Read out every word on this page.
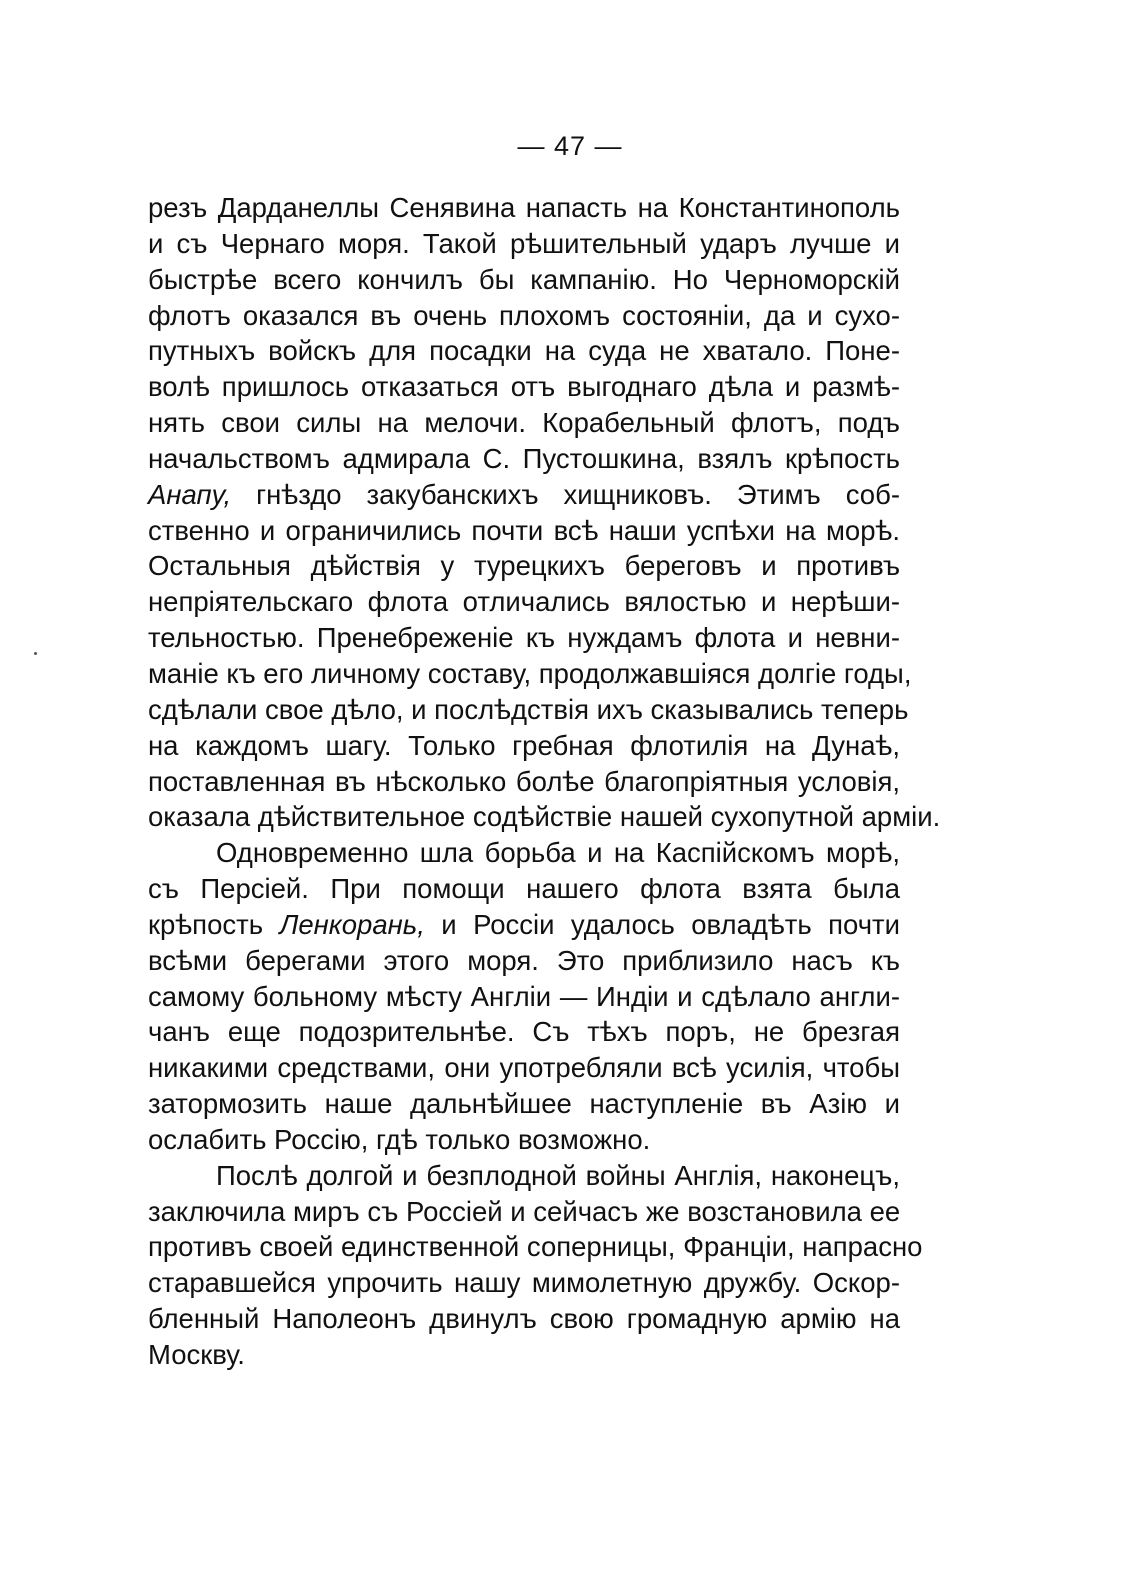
— 47 —
резъ Дарданеллы Сенявина напасть на Константинополь
и съ Чернаго моря. Такой рѣшительный ударъ лучше и
быстрѣе всего кончилъ бы кампанію. Но Черноморскій
флотъ оказался въ очень плохомъ состояніи, да и сухо-
путныхъ войскъ для посадки на суда не хватало. Поне-
волѣ пришлось отказаться отъ выгоднаго дѣла и размѣ-
нять свои силы на мелочи. Корабельный флотъ, подъ
начальствомъ адмирала С. Пустошкина, взялъ крѣпость
Анапу, гнѣздо закубанскихъ хищниковъ. Этимъ соб-
ственно и ограничились почти всѣ наши успѣхи на морѣ.
Остальныя дѣйствія у турецкихъ береговъ и противъ
непріятельскаго флота отличались вялостью и нерѣши-
тельностью. Пренебреженіе къ нуждамъ флота и невни-
маніе къ его личному составу, продолжавшіяся долгіе годы,
сдѣлали свое дѣло, и послѣдствія ихъ сказывались теперь
на каждомъ шагу. Только гребная флотилія на Дунаѣ,
поставленная въ нѣсколько болѣе благопріятныя условія,
оказала дѣйствительное содѣйствіе нашей сухопутной арміи.
Одновременно шла борьба и на Каспійскомъ морѣ,
съ Персіей. При помощи нашего флота взята была
крѣпость Ленкорань, и Россіи удалось овладѣть почти
всѣми берегами этого моря. Это приблизило насъ къ
самому больному мѣсту Англіи — Индіи и сдѣлало англи-
чанъ еще подозрительнѣе. Съ тѣхъ поръ, не брезгая
никакими средствами, они употребляли всѣ усилія, чтобы
затормозить наше дальнѣйшее наступленіе въ Азію и
ослабить Россію, гдѣ только возможно.
Послѣ долгой и безплодной войны Англія, наконецъ,
заключила миръ съ Россіей и сейчасъ же возстановила ее
противъ своей единственной соперницы, Франціи, напрасно
старавшейся упрочить нашу мимолетную дружбу. Оскор-
бленный Наполеонъ двинулъ свою громадную армію на
Москву.
